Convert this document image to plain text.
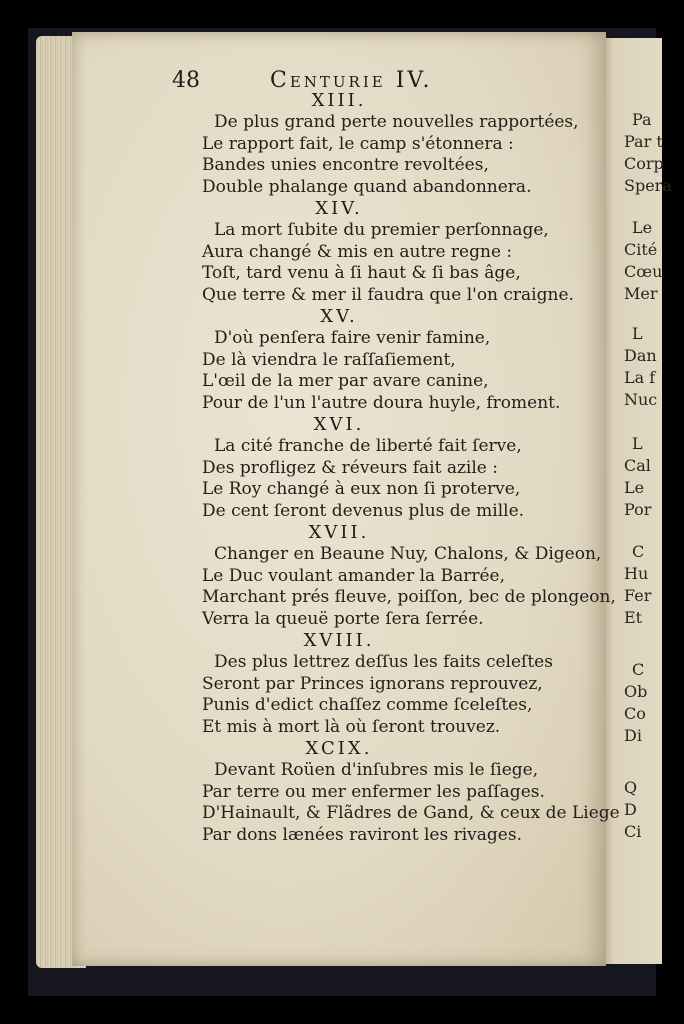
Pa
Par t
Corp
Spera
Le
Cité
Cœu
Mer
L
Dan
La f
Nuc
L
Cal
Le
Por
C
Hu
Fer
Et
C
Ob
Co
Di
Q
D
Ci
48	Centurie IV.
XIII.
De plus grand perte nouvelles rapportées,
Le rapport fait, le camp s'étonnera :
Bandes unies encontre revoltées,
Double phalange quand abandonnera.
XIV.
La mort ſubite du premier perſonnage,
Aura changé & mis en autre regne :
Toſt, tard venu à ſi haut & ſi bas âge,
Que terre & mer il faudra que l'on craigne.
XV.
D'où penſera faire venir famine,
De là viendra le raſſaſiement,
L'œil de la mer par avare canine,
Pour de l'un l'autre doura huyle, froment.
XVI.
La cité franche de liberté fait ſerve,
Des profligez & réveurs fait azile :
Le Roy changé à eux non ſi proterve,
De cent ſeront devenus plus de mille.
XVII.
Changer en Beaune Nuy, Chalons, & Digeon,
Le Duc voulant amander la Barrée,
Marchant prés fleuve, poiſſon, bec de plongeon,
Verra la queuë porte ſera ſerrée.
XVIII.
Des plus lettrez deſſus les faits celeſtes
Seront par Princes ignorans reprouvez,
Punis d'edict chaſſez comme ſceleſtes,
Et mis à mort là où ſeront trouvez.
XCIX.
Devant Roüen d'inſubres mis le ſiege,
Par terre ou mer enfermer les paſſages.
D'Hainault, & Flãdres de Gand, & ceux de Liege
Par dons lænées raviront les rivages.
